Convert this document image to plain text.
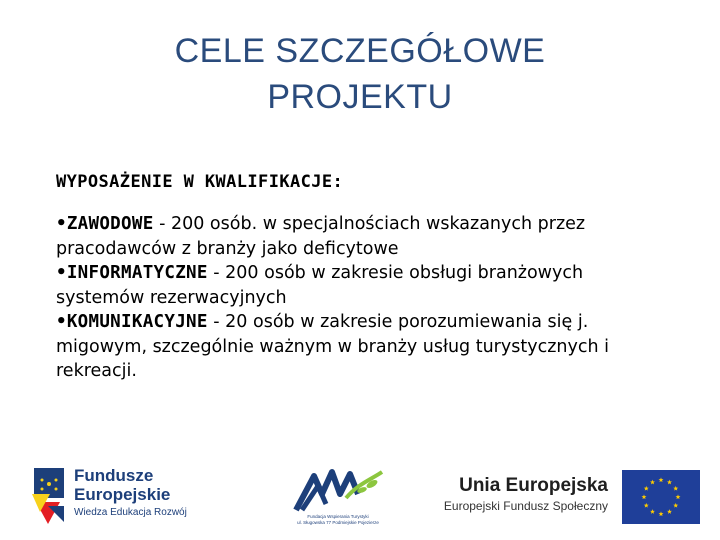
CELE SZCZEGÓŁOWE
PROJEKTU
WYPOSAŻENIE W KWALIFIKACJE:
•ZAWODOWE - 200 osób. w specjalnościach wskazanych przez pracodawców z branży jako deficytowe
•INFORMATYCZNE - 200 osób w zakresie obsługi branżowych systemów rezerwacyjnych
•KOMUNIKACYJNE - 20 osób w zakresie porozumiewania się j. migowym, szczególnie ważnym w branży usług turystycznych i rekreacji.
Fundusze
Europejskie
Wiedza Edukacja Rozwój	Fundacja Wspierania Turystyki
ul. Sługowska 77 Podmiejskie Pojezierze
Unia Europejska
Europejski Fundusz Społeczny
